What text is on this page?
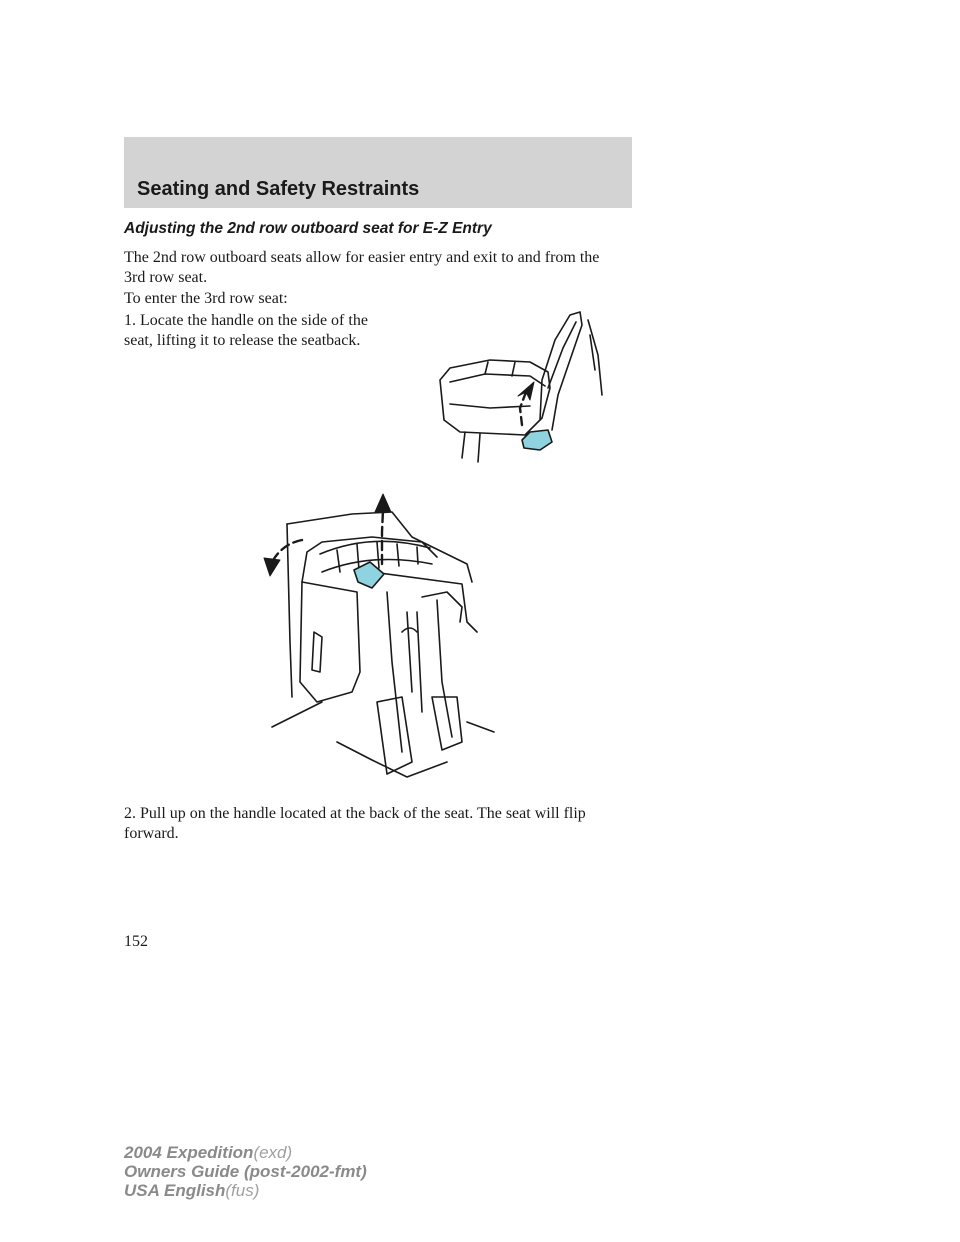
Seating and Safety Restraints
Adjusting the 2nd row outboard seat for E-Z Entry
The 2nd row outboard seats allow for easier entry and exit to and from the 3rd row seat.
To enter the 3rd row seat:
1. Locate the handle on the side of the seat, lifting it to release the seatback.
2. Pull up on the handle located at the back of the seat. The seat will flip forward.
152
2004 Expedition(exd)
Owners Guide (post-2002-fmt)
USA English(fus)
